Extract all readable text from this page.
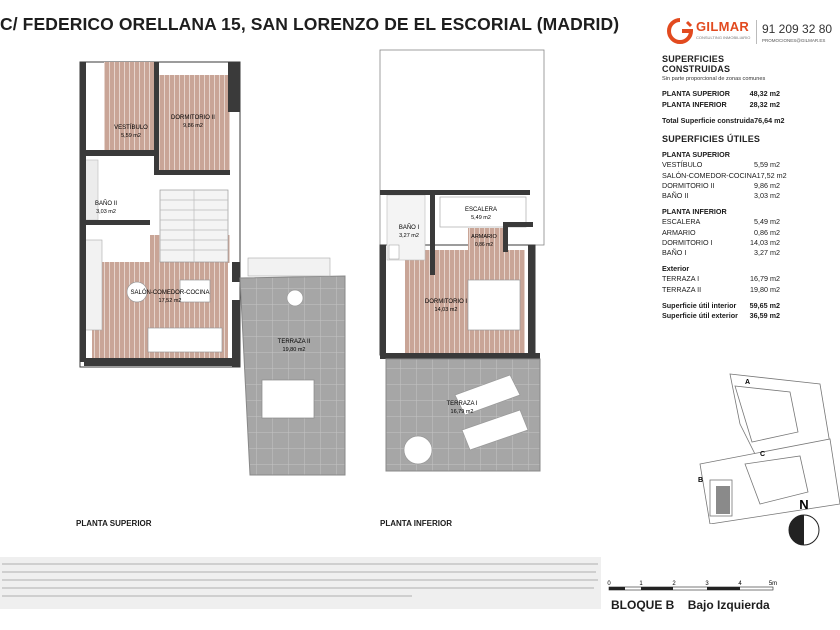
C/ FEDERICO ORELLANA 15, SAN LORENZO DE EL ESCORIAL (MADRID)	GILMAR
CONSULTING INMOBILIARIO
91 209 32 80
PROMOCIONES@GILMAR.ES
VESTÍBULO
5,59 m2
DORMITORIO II
9,86 m2
BAÑO II
3,03 m2
SALÓN-COMEDOR-COCINA
17,52 m2
TERRAZA II
19,80 m2
BAÑO I
3,27 m2
ESCALERA
5,49 m2
ARMARIO
0,86 m2
DORMITORIO I
14,03 m2
TERRAZA I
16,79 m2
PLANTA SUPERIOR	PLANTA INFERIOR
SUPERFICIES CONSTRUIDAS
Sin parte proporcional de zonas comunes
PLANTA SUPERIOR	48,32 m2
PLANTA INFERIOR	28,32 m2
Total Superficie construida 76,64 m2
SUPERFICIES ÚTILES
PLANTA SUPERIOR
VESTÍBULO	5,59 m2
SALÓN-COMEDOR-COCINA 17,52 m2
DORMITORIO II	9,86 m2
BAÑO II	3,03 m2
PLANTA INFERIOR
ESCALERA	5,49 m2
ARMARIO	0,86 m2
DORMITORIO I	14,03 m2
BAÑO I	3,27 m2
Exterior
TERRAZA I	16,79 m2
TERRAZA II	19,80 m2
Superficie útil interior 59,65 m2
Superficie útil exterior 36,59 m2
A
B
C
N
0	1	2	3	4	5m
BLOQUE B Bajo Izquierda
